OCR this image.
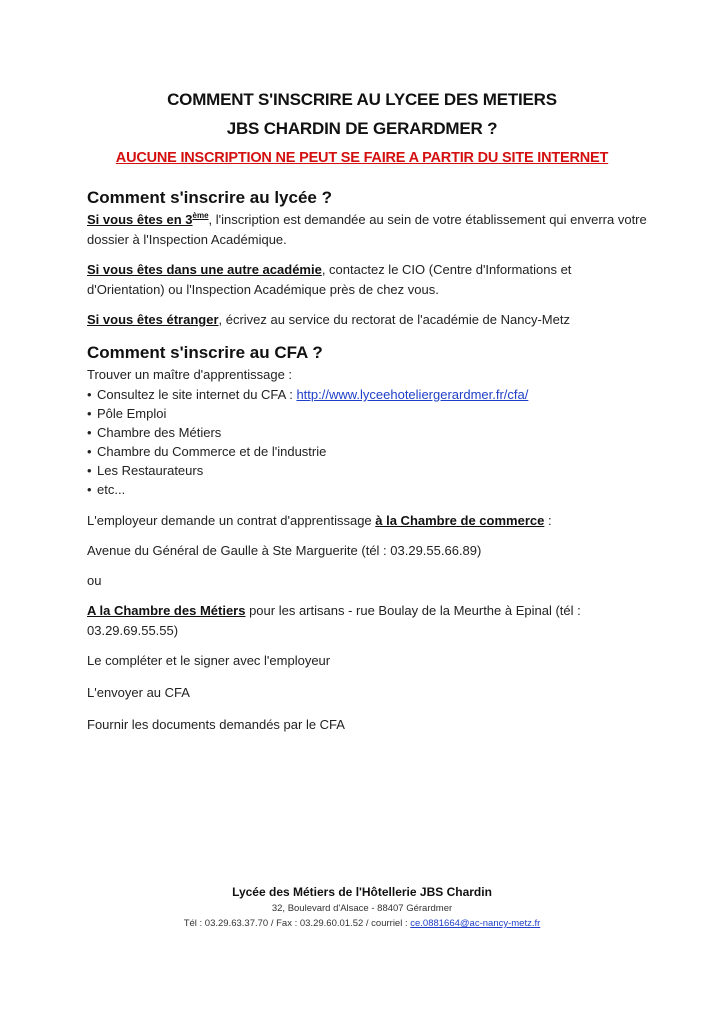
COMMENT S'INSCRIRE AU LYCEE DES METIERS
JBS CHARDIN DE GERARDMER ?
AUCUNE INSCRIPTION NE PEUT SE FAIRE A PARTIR DU SITE INTERNET
Comment s'inscrire au lycée ?

Si vous êtes en 3ème, l'inscription est demandée au sein de votre établissement qui enverra votre dossier à l'Inspection Académique.

Si vous êtes dans une autre académie, contactez le CIO (Centre d'Informations et d'Orientation) ou l'Inspection Académique près de chez vous.

Si vous êtes étranger, écrivez au service du rectorat de l'académie de Nancy-Metz

Comment s'inscrire au CFA ?

Trouver un maître d'apprentissage :

• Consultez le site internet du CFA : http://www.lyceehoteliergerardmer.fr/cfa/
• Pôle Emploi
• Chambre des Métiers
• Chambre du Commerce et de l'industrie
• Les Restaurateurs
• etc...

L'employeur demande un contrat d'apprentissage à la Chambre de commerce :

Avenue du Général de Gaulle à Ste Marguerite (tél : 03.29.55.66.89)

ou

A la Chambre des Métiers pour les artisans - rue Boulay de la Meurthe à Epinal (tél : 03.29.69.55.55)

Le compléter et le signer avec l'employeur

L'envoyer au CFA

Fournir les documents demandés par le CFA

Lycée des Métiers de l'Hôtellerie JBS Chardin
32, Boulevard d'Alsace - 88407 Gérardmer
Tél : 03.29.63.37.70 / Fax : 03.29.60.01.52 / courriel : ce.0881664@ac-nancy-metz.fr
